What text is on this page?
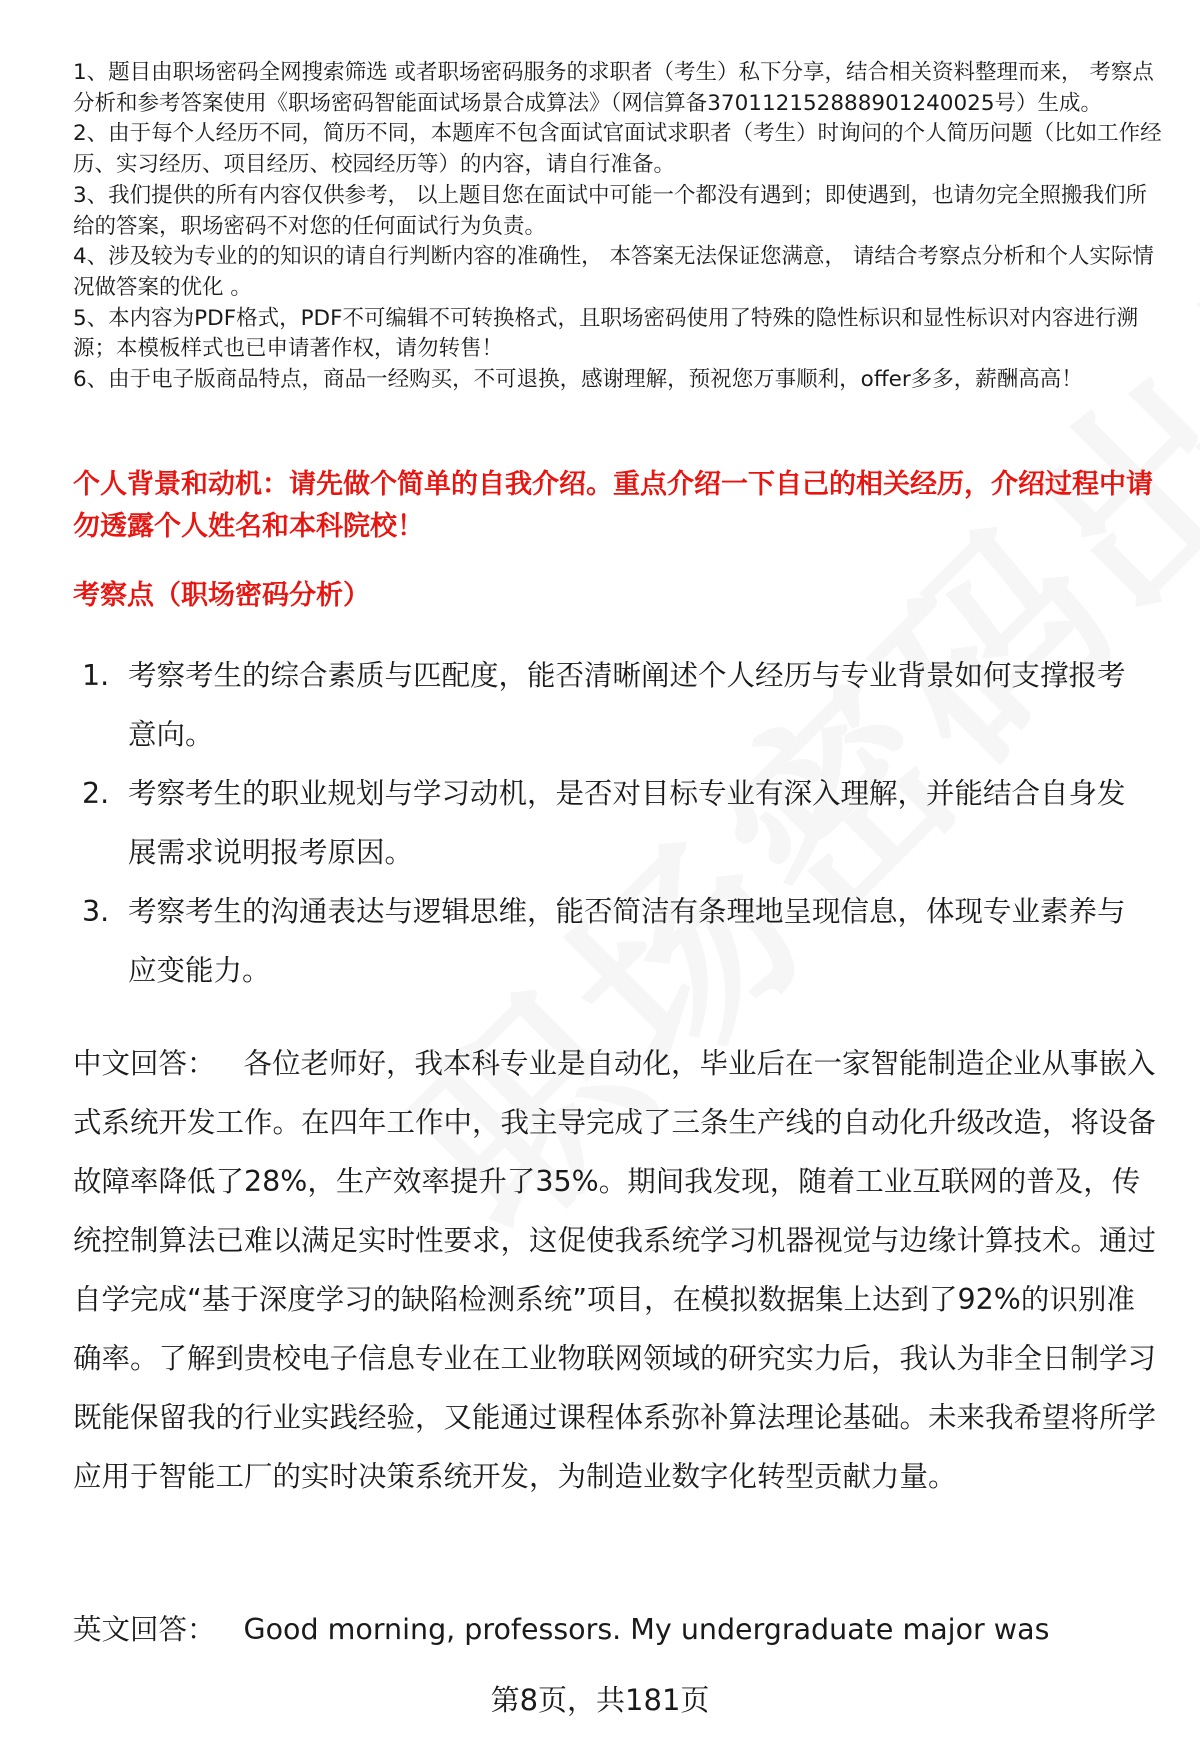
1、题目由职场密码全网搜索筛选 或者职场密码服务的求职者（考生）私下分享，结合相关资料整理而来， 考察点分析和参考答案使用《职场密码智能面试场景合成算法》（网信算备370112152888901240025号）生成。

2、由于每个人经历不同，简历不同，本题库不包含面试官面试求职者（考生）时询问的个人简历问题（比如工作经历、实习经历、项目经历、校园经历等）的内容，请自行准备。

3、我们提供的所有内容仅供参考， 以上题目您在面试中可能一个都没有遇到；即使遇到，也请勿完全照搬我们所给的答案，职场密码不对您的任何面试行为负责。

4、涉及较为专业的的知识的请自行判断内容的准确性， 本答案无法保证您满意， 请结合考察点分析和个人实际情况做答案的优化 。

5、本内容为PDF格式，PDF不可编辑不可转换格式，且职场密码使用了特殊的隐性标识和显性标识对内容进行溯源；本模板样式也已申请著作权，请勿转售！

6、由于电子版商品特点，商品一经购买，不可退换，感谢理解，预祝您万事顺利，offer多多，薪酬高高！

个人背景和动机：请先做个简单的自我介绍。重点介绍一下自己的相关经历，介绍过程中请勿透露个人姓名和本科院校！
考察点（职场密码分析）
1. 考察考生的综合素质与匹配度，能否清晰阐述个人经历与专业背景如何支撑报考意向。
2. 考察考生的职业规划与学习动机，是否对目标专业有深入理解，并能结合自身发展需求说明报考原因。
3. 考察考生的沟通表达与逻辑思维，能否简洁有条理地呈现信息，体现专业素养与应变能力。

中文回答： 各位老师好，我本科专业是自动化，毕业后在一家智能制造企业从事嵌入式系统开发工作。在四年工作中，我主导完成了三条生产线的自动化升级改造，将设备故障率降低了28%，生产效率提升了35%。期间我发现，随着工业互联网的普及，传统控制算法已难以满足实时性要求，这促使我系统学习机器视觉与边缘计算技术。通过自学完成“基于深度学习的缺陷检测系统”项目，在模拟数据集上达到了92%的识别准确率。了解到贵校电子信息专业在工业物联网领域的研究实力后，我认为非全日制学习既能保留我的行业实践经验，又能通过课程体系弥补算法理论基础。未来我希望将所学应用于智能工厂的实时决策系统开发，为制造业数字化转型贡献力量。

英文回答： Good morning, professors. My undergraduate major was

第8页，共181页
